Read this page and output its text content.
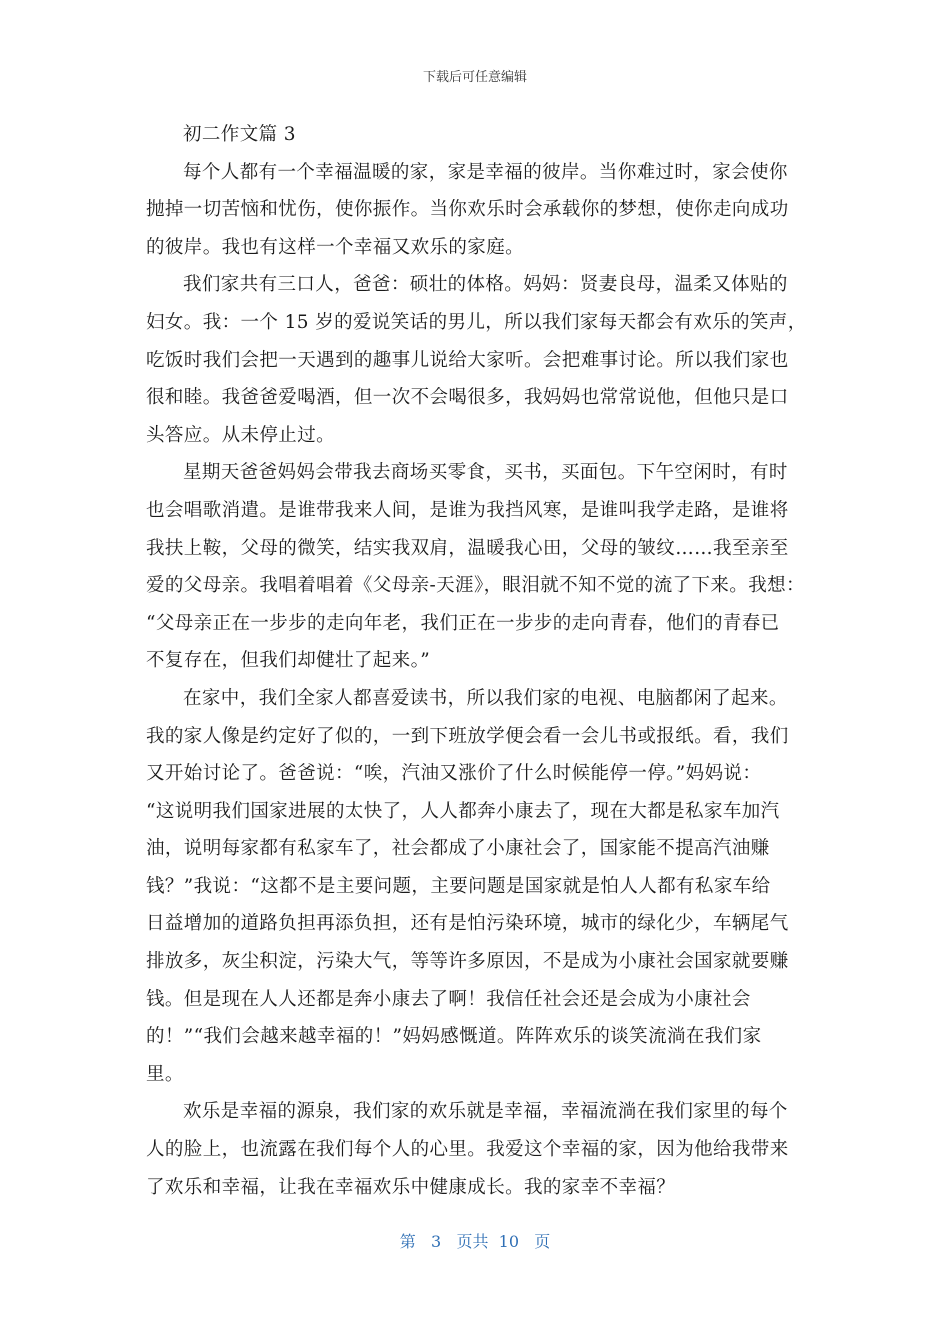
下载后可任意编辑
初二作文篇 3
每个人都有一个幸福温暖的家，家是幸福的彼岸。当你难过时，家会使你
抛掉一切苦恼和忧伤，使你振作。当你欢乐时会承载你的梦想，使你走向成功
的彼岸。我也有这样一个幸福又欢乐的家庭。
我们家共有三口人，爸爸：硕壮的体格。妈妈：贤妻良母，温柔又体贴的
妇女。我：一个 15 岁的爱说笑话的男儿，所以我们家每天都会有欢乐的笑声，
吃饭时我们会把一天遇到的趣事儿说给大家听。会把难事讨论。所以我们家也
很和睦。我爸爸爱喝酒，但一次不会喝很多，我妈妈也常常说他，但他只是口
头答应。从未停止过。
星期天爸爸妈妈会带我去商场买零食，买书，买面包。下午空闲时，有时
也会唱歌消遣。是谁带我来人间，是谁为我挡风寒，是谁叫我学走路，是谁将
我扶上鞍，父母的微笑，结实我双肩，温暖我心田，父母的皱纹……我至亲至
爱的父母亲。我唱着唱着《父母亲-天涯》，眼泪就不知不觉的流了下来。我想：
“父母亲正在一步步的走向年老，我们正在一步步的走向青春，他们的青春已
不复存在，但我们却健壮了起来。”
在家中，我们全家人都喜爱读书，所以我们家的电视、电脑都闲了起来。
我的家人像是约定好了似的，一到下班放学便会看一会儿书或报纸。看，我们
又开始讨论了。爸爸说：“唉，汽油又涨价了什么时候能停一停。”妈妈说：
“这说明我们国家进展的太快了，人人都奔小康去了，现在大都是私家车加汽
油，说明每家都有私家车了，社会都成了小康社会了，国家能不提高汽油赚
钱？”我说：“这都不是主要问题，主要问题是国家就是怕人人都有私家车给
日益增加的道路负担再添负担，还有是怕污染环境，城市的绿化少，车辆尾气
排放多，灰尘积淀，污染大气，等等许多原因，不是成为小康社会国家就要赚
钱。但是现在人人还都是奔小康去了啊！我信任社会还是会成为小康社会
的！”“我们会越来越幸福的！”妈妈感慨道。阵阵欢乐的谈笑流淌在我们家
里。
欢乐是幸福的源泉，我们家的欢乐就是幸福，幸福流淌在我们家里的每个
人的脸上，也流露在我们每个人的心里。我爱这个幸福的家，因为他给我带来
了欢乐和幸福，让我在幸福欢乐中健康成长。我的家幸不幸福？
第 3 页共 10 页
